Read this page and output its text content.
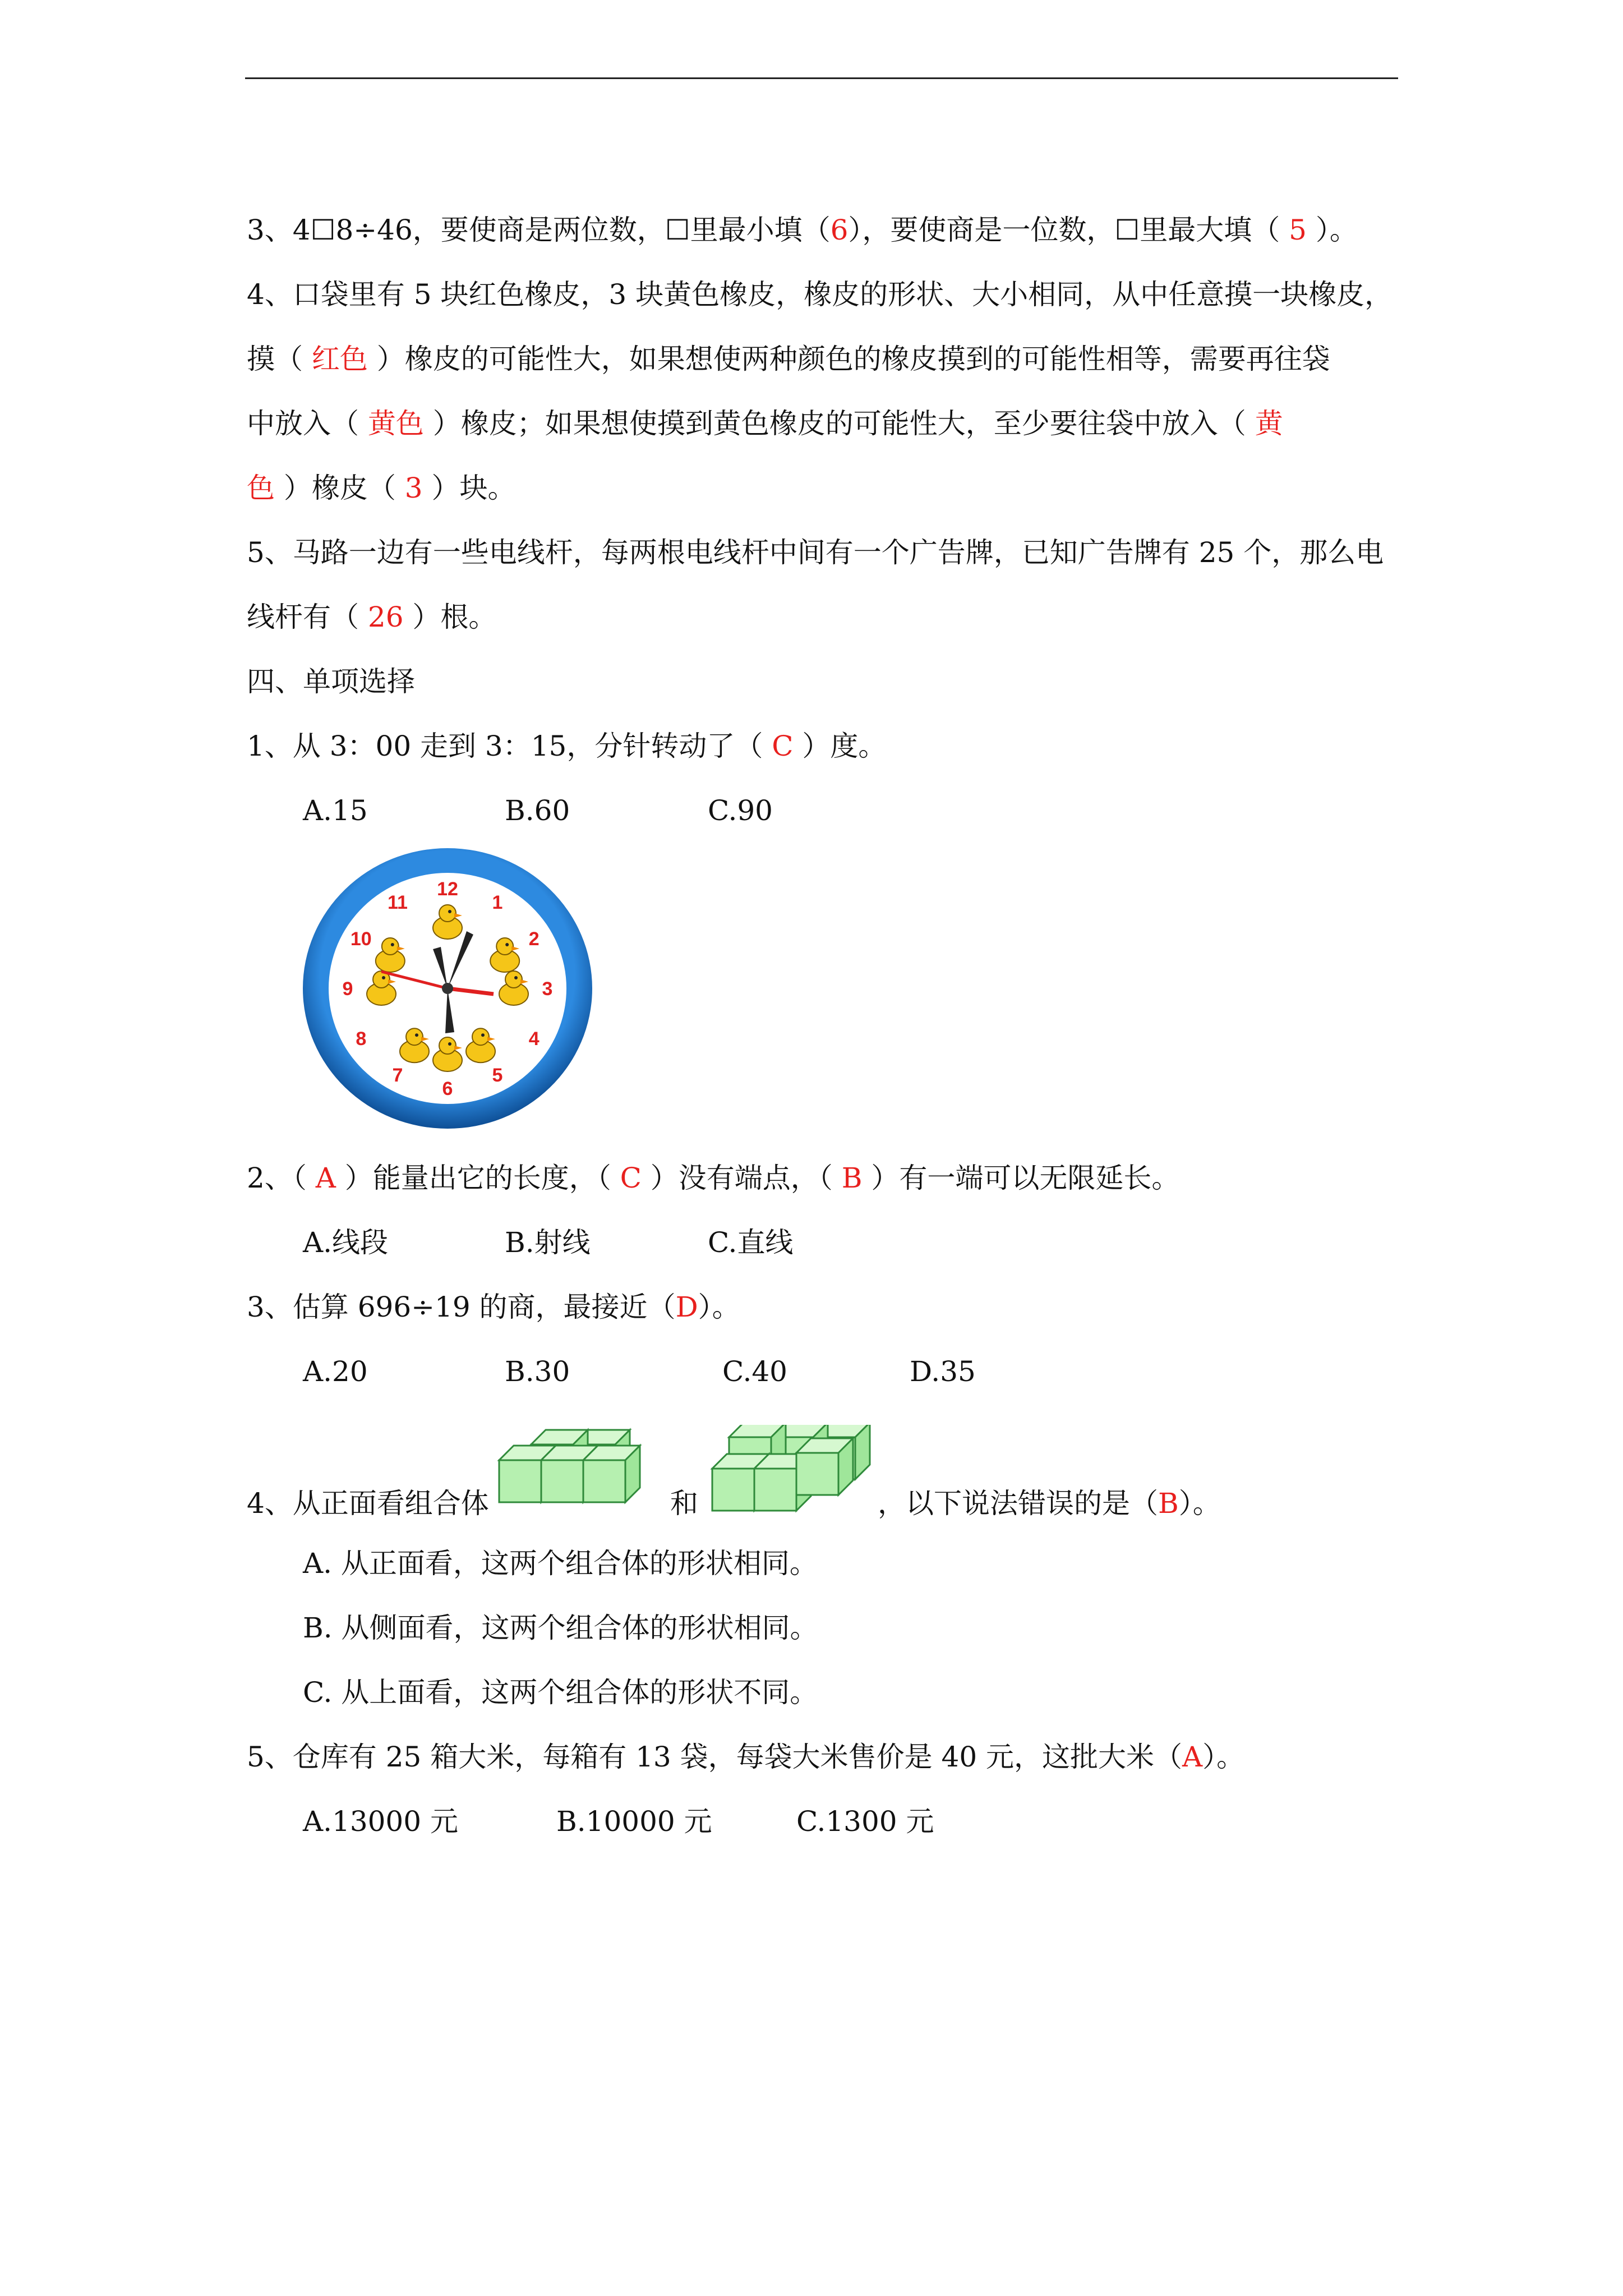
3、4☐8÷46，要使商是两位数，☐里最小填（6），要使商是一位数，☐里最大填（ 5 ）。
4、口袋里有 5 块红色橡皮，3 块黄色橡皮，橡皮的形状、大小相同，从中任意摸一块橡皮，
摸（ 红色 ）橡皮的可能性大，如果想使两种颜色的橡皮摸到的可能性相等，需要再往袋
中放入（ 黄色 ）橡皮；如果想使摸到黄色橡皮的可能性大，至少要往袋中放入（ 黄
色 ）橡皮（ 3 ）块。
5、马路一边有一些电线杆，每两根电线杆中间有一个广告牌，已知广告牌有 25 个，那么电
线杆有（ 26 ）根。
四、单项选择
1、从 3：00 走到 3：15，分针转动了（ C ）度。
A.15	B.60	C.90
12
1
2
3
4
5
6
7
8
9
10
11
2、（ A ）能量出它的长度，（ C ）没有端点，（ B ）有一端可以无限延长。
A.线段	B.射线	C.直线
3、估算 696÷19 的商，最接近（D）。
A.20	B.30	C.40	D.35
4、从正面看组合体	和	，以下说法错误的是（B）。
A. 从正面看，这两个组合体的形状相同。
B. 从侧面看，这两个组合体的形状相同。
C. 从上面看，这两个组合体的形状不同。
5、仓库有 25 箱大米，每箱有 13 袋，每袋大米售价是 40 元，这批大米（A）。
A.13000 元	B.10000 元	C.1300 元
